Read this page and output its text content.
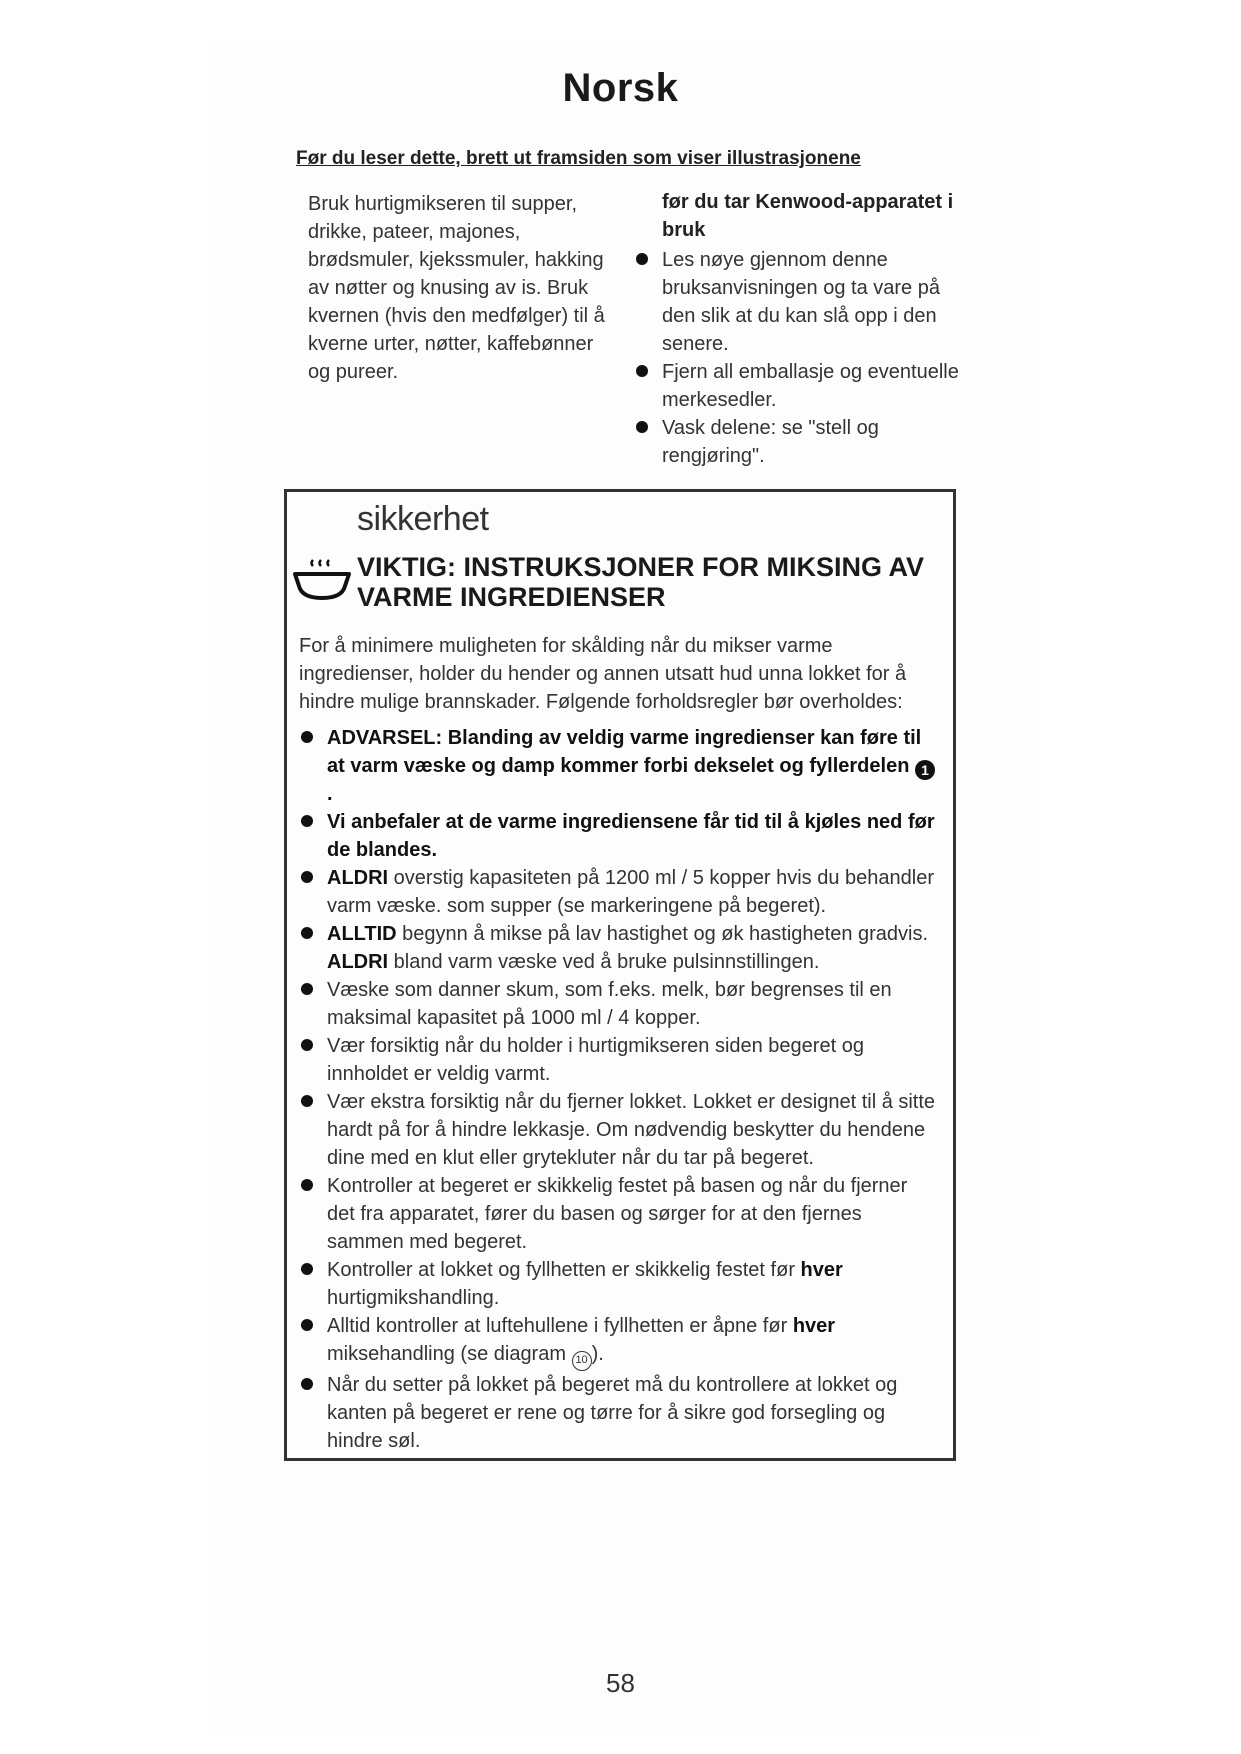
Norsk
Før du leser dette, brett ut framsiden som viser illustrasjonene
Bruk hurtigmikseren til supper, drikke, pateer, majones, brødsmuler, kjekssmuler, hakking av nøtter og knusing av is. Bruk kvernen (hvis den medfølger) til å kverne urter, nøtter, kaffebønner og pureer.
før du tar Kenwood-apparatet i bruk
Les nøye gjennom denne bruksanvisningen og ta vare på den slik at du kan slå opp i den senere.
Fjern all emballasje og eventuelle merkesedler.
Vask delene: se "stell og rengjøring".
sikkerhet
VIKTIG: INSTRUKSJONER FOR MIKSING AV VARME INGREDIENSER
For å minimere muligheten for skålding når du mikser varme ingredienser, holder du hender og annen utsatt hud unna lokket for å hindre mulige brannskader. Følgende forholdsregler bør overholdes:
ADVARSEL: Blanding av veldig varme ingredienser kan føre til at varm væske og damp kommer forbi dekselet og fyllerdelen 1.
Vi anbefaler at de varme ingrediensene får tid til å kjøles ned før de blandes.
ALDRI overstig kapasiteten på 1200 ml / 5 kopper hvis du behandler varm væske. som supper (se markeringene på begeret).
ALLTID begynn å mikse på lav hastighet og øk hastigheten gradvis. ALDRI bland varm væske ved å bruke pulsinnstillingen.
Væske som danner skum, som f.eks. melk, bør begrenses til en maksimal kapasitet på 1000 ml / 4 kopper.
Vær forsiktig når du holder i hurtigmikseren siden begeret og innholdet er veldig varmt.
Vær ekstra forsiktig når du fjerner lokket. Lokket er designet til å sitte hardt på for å hindre lekkasje. Om nødvendig beskytter du hendene dine med en klut eller grytekluter når du tar på begeret.
Kontroller at begeret er skikkelig festet på basen og når du fjerner det fra apparatet, fører du basen og sørger for at den fjernes sammen med begeret.
Kontroller at lokket og fyllhetten er skikkelig festet før hver hurtigmikshandling.
Alltid kontroller at luftehullene i fyllhetten er åpne før hver miksehandling (se diagram 10 ).
Når du setter på lokket på begeret må du kontrollere at lokket og kanten på begeret er rene og tørre for å sikre god forsegling og hindre søl.
58
